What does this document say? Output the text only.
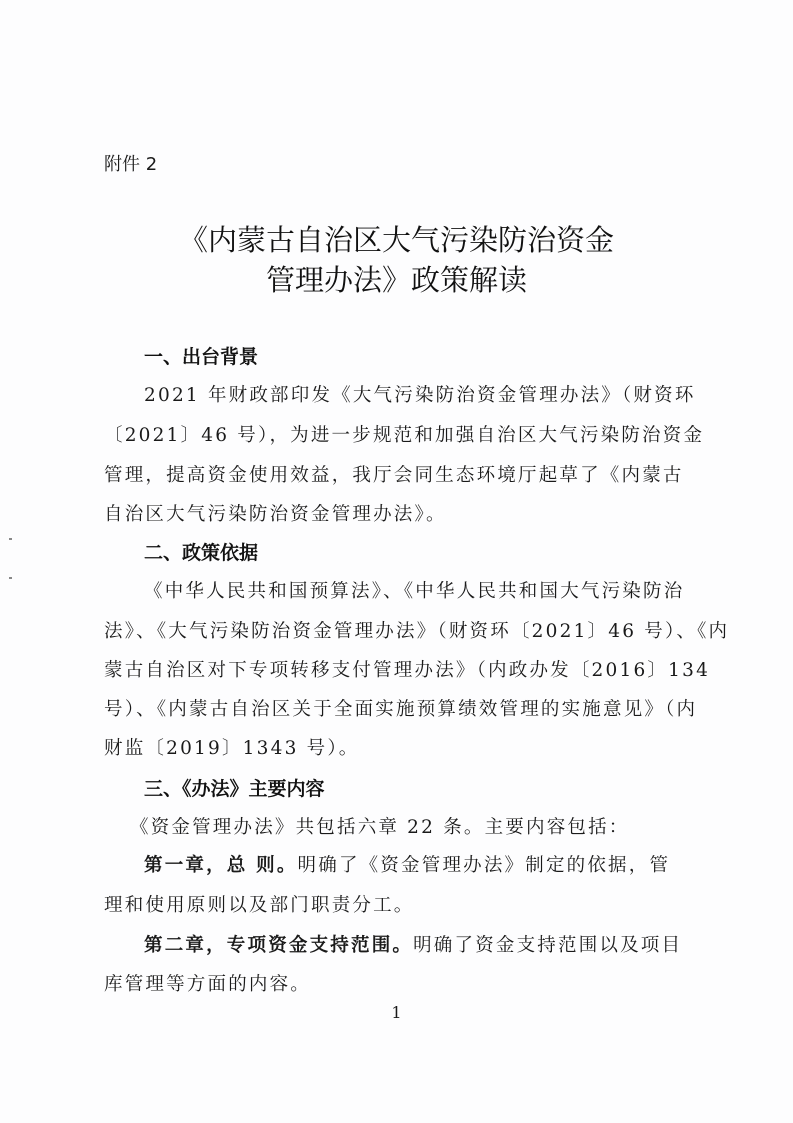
附件 2
《内蒙古自治区大气污染防治资金
管理办法》政策解读
一、出台背景
2021 年财政部印发《大气污染防治资金管理办法》（财资环
〔2021〕46 号），为进一步规范和加强自治区大气污染防治资金
管理，提高资金使用效益，我厅会同生态环境厅起草了《内蒙古
自治区大气污染防治资金管理办法》。
二、政策依据
《中华人民共和国预算法》、《中华人民共和国大气污染防治
法》、《大气污染防治资金管理办法》（财资环〔2021〕46 号）、《内
蒙古自治区对下专项转移支付管理办法》（内政办发〔2016〕134
号）、《内蒙古自治区关于全面实施预算绩效管理的实施意见》（内
财监〔2019〕1343 号）。
三、《办法》主要内容
《资金管理办法》共包括六章 22 条。主要内容包括：
第一章，总 则。明确了《资金管理办法》制定的依据，管
理和使用原则以及部门职责分工。
第二章，专项资金支持范围。明确了资金支持范围以及项目
库管理等方面的内容。
1
